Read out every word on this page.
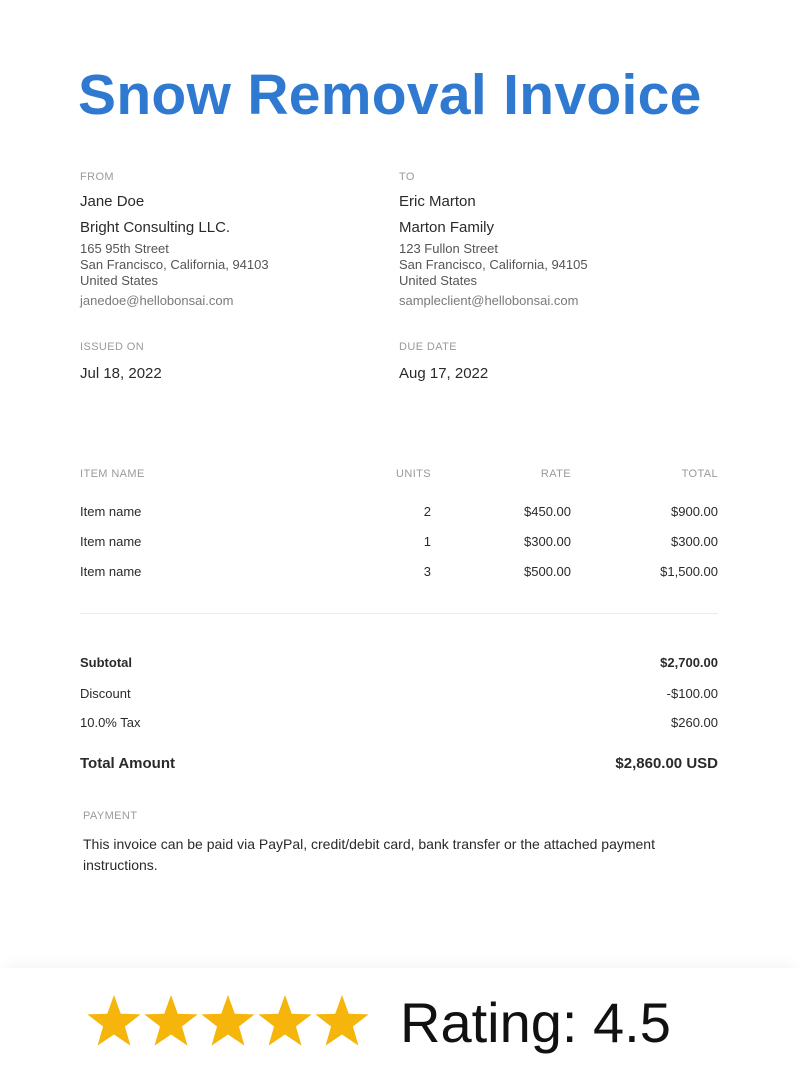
Snow Removal Invoice
FROM
Jane Doe
Bright Consulting LLC.
165 95th Street
San Francisco, California, 94103
United States
janedoe@hellobonsai.com
TO
Eric Marton
Marton Family
123 Fullon Street
San Francisco, California, 94105
United States
sampleclient@hellobonsai.com
ISSUED ON
Jul 18, 2022
DUE DATE
Aug 17, 2022
ITEM NAME	UNITS	RATE	TOTAL
Item name	2	$450.00	$900.00
Item name	1	$300.00	$300.00
Item name	3	$500.00	$1,500.00
Subtotal	$2,700.00
Discount	-$100.00
10.0% Tax	$260.00
Total Amount	$2,860.00 USD
PAYMENT
This invoice can be paid via PayPal, credit/debit card, bank transfer or the attached payment instructions.
Rating: 4.5
